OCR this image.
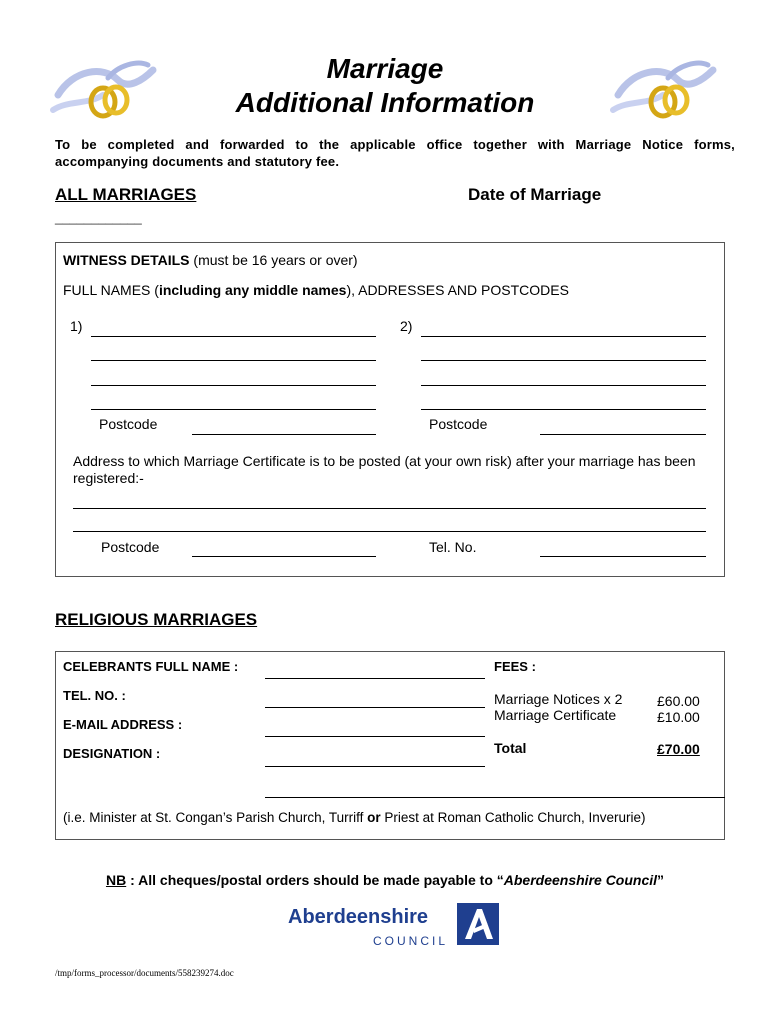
Marriage
Additional Information
To be completed and forwarded to the applicable office together with Marriage Notice forms, accompanying documents and statutory fee.
ALL MARRIAGES	Date of Marriage
____________
WITNESS DETAILS (must be 16 years or over)
FULL NAMES (including any middle names), ADDRESSES AND POSTCODES
1)
Postcode
2)
Postcode
Address to which Marriage Certificate is to be posted (at your own risk) after your marriage has been registered:-
Postcode	Tel. No.
RELIGIOUS MARRIAGES
CELEBRANTS FULL NAME :
TEL. NO. :
E-MAIL ADDRESS :
DESIGNATION :
FEES :
Marriage Notices x 2 £60.00
Marriage Certificate	£10.00
Total	£70.00
(i.e. Minister at St. Congan’s Parish Church, Turriff or Priest at Roman Catholic Church, Inverurie)
NB : All cheques/postal orders should be made payable to “Aberdeenshire Council”
Aberdeenshire
COUNCIL
/tmp/forms_processor/documents/558239274.doc
